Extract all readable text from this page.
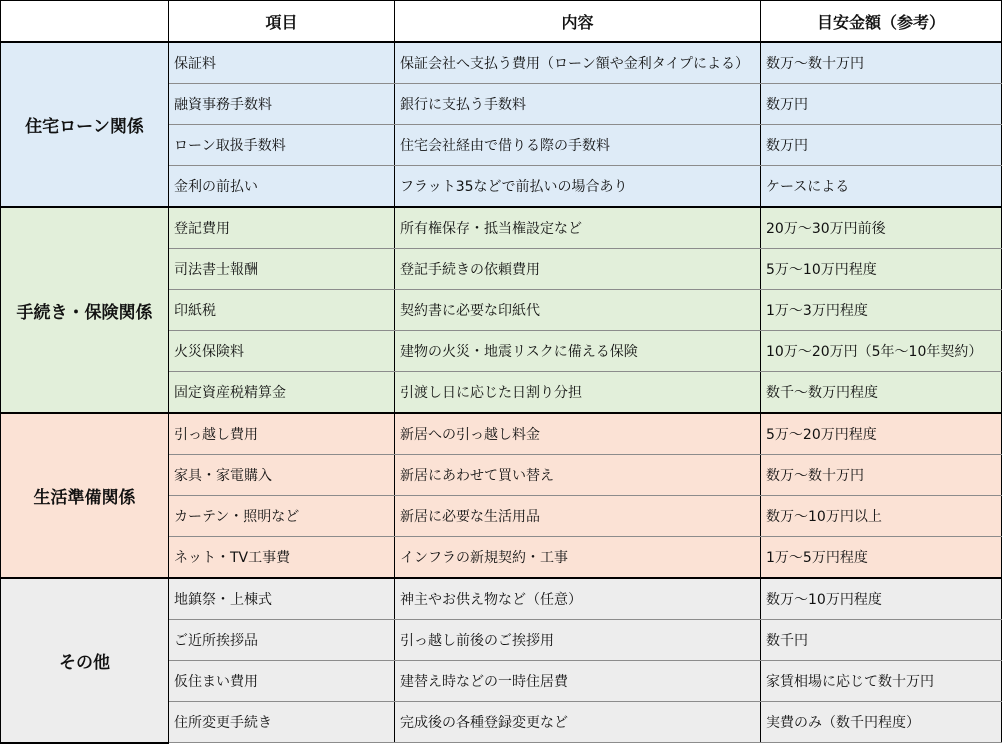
	項目	内容	目安金額（参考）
住宅ローン関係	保証料	保証会社へ支払う費用（ローン額や金利タイプによる）	数万～数十万円
	融資事務手数料	銀行に支払う手数料	数万円
	ローン取扱手数料	住宅会社経由で借りる際の手数料	数万円
	金利の前払い	フラット35などで前払いの場合あり	ケースによる
手続き・保険関係	登記費用	所有権保存・抵当権設定など	20万～30万円前後
	司法書士報酬	登記手続きの依頼費用	5万～10万円程度
	印紙税	契約書に必要な印紙代	1万～3万円程度
	火災保険料	建物の火災・地震リスクに備える保険	10万～20万円（5年～10年契約）
	固定資産税精算金	引渡し日に応じた日割り分担	数千～数万円程度
生活準備関係	引っ越し費用	新居への引っ越し料金	5万～20万円程度
	家具・家電購入	新居にあわせて買い替え	数万～数十万円
	カーテン・照明など	新居に必要な生活用品	数万～10万円以上
	ネット・TV工事費	インフラの新規契約・工事	1万～5万円程度
その他	地鎮祭・上棟式	神主やお供え物など（任意）	数万～10万円程度
	ご近所挨拶品	引っ越し前後のご挨拶用	数千円
	仮住まい費用	建替え時などの一時住居費	家賃相場に応じて数十万円
	住所変更手続き	完成後の各種登録変更など	実費のみ（数千円程度）
